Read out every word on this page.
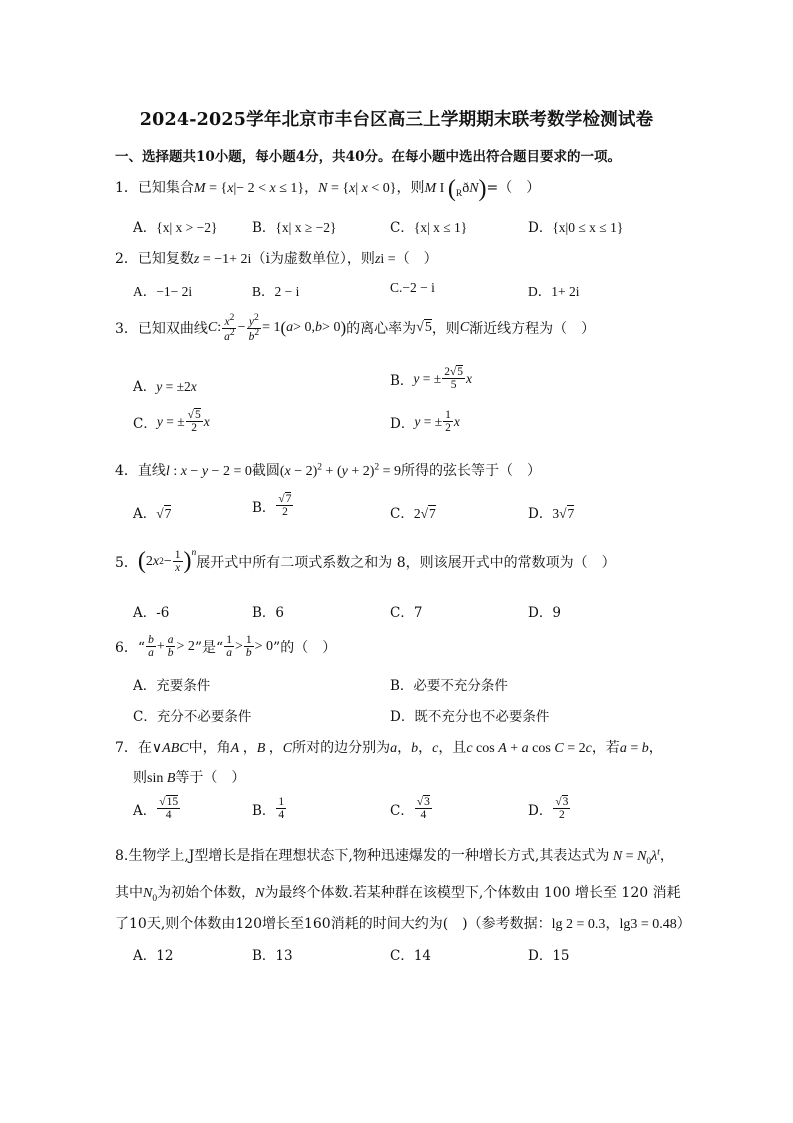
2024-2025学年北京市丰台区高三上学期期末联考数学检测试卷
一、选择题共10小题，每小题4分，共40分。在每小题中选出符合题目要求的一项。
1．已知集合M = {x|− 2 < x ≤ 1}，N = {x| x < 0}，则M I $(_RðN)=$（　）
A．{x| x > −2}	B．{x| x ≥ −2}	C．{x| x ≤ 1}	D．{x|0 ≤ x ≤ 1}
2．已知复数z = −1+ 2i（i为虚数单位），则zi =（　）
A．−1− 2i	B．2 − i	C.−2 − i	D．1+ 2i
3．已知双曲线 C : $\frac{x^2}{a^2} - \frac{y^2}{b^2} = 1$ ( a > 0, b > 0 ) 的离心率为 √5 ，则 C 渐近线方程为（　）
A．y = ±2x	B． y = ± $\frac{2√5}{5}$ x
C． y = ± $\frac{√5}{2}$ x	D． y = ± $\frac{1}{2}$ x
4．直线l : x − y − 2 = 0截圆$(x - 2)^2 + (y + 2)^2 = 9$所得的弦长等于（　）
A．√7	B． $\frac{√7}{2}$	C．2√7	D．3√7
5． ( 2 x $2 - \frac{1}{x}$ ) $^n$
展开式中所有二项式系数之和为 8，则该展开式中的常数项为（　）
A．-6	B．6	C．7	D．9
6．“ $\frac{b}{a} + \frac{a}{b} > 2$ ”是“ $\frac{1}{a} > \frac{1}{b} > 0$ ”的（　）
A．充要条件	B．必要不充分条件
C．充分不必要条件	D．既不充分也不必要条件
7．在∨ABC中，角A ，B ，C所对的边分别为a，b，c，且c cos A + a cos C = 2c，若a = b，
则sin B等于（　）
A． $\frac{√15}{4}$	B． $\frac{1}{4}$	C． $\frac{√3}{4}$	D． $\frac{√3}{2}$
8.生物学上,J型增长是指在理想状态下,物种迅速爆发的一种增长方式,其表达式为 $N = N_0\lambda^t$，
其中$N_0$为初始个体数，N为最终个体数.若某种群在该模型下,个体数由 100 增长至 120 消耗
了10天,则个体数由120增长至160消耗的时间大约为(　)（参考数据：lg 2 = 0.3，lg3 = 0.48）
A．12	B．13	C．14	D．15
